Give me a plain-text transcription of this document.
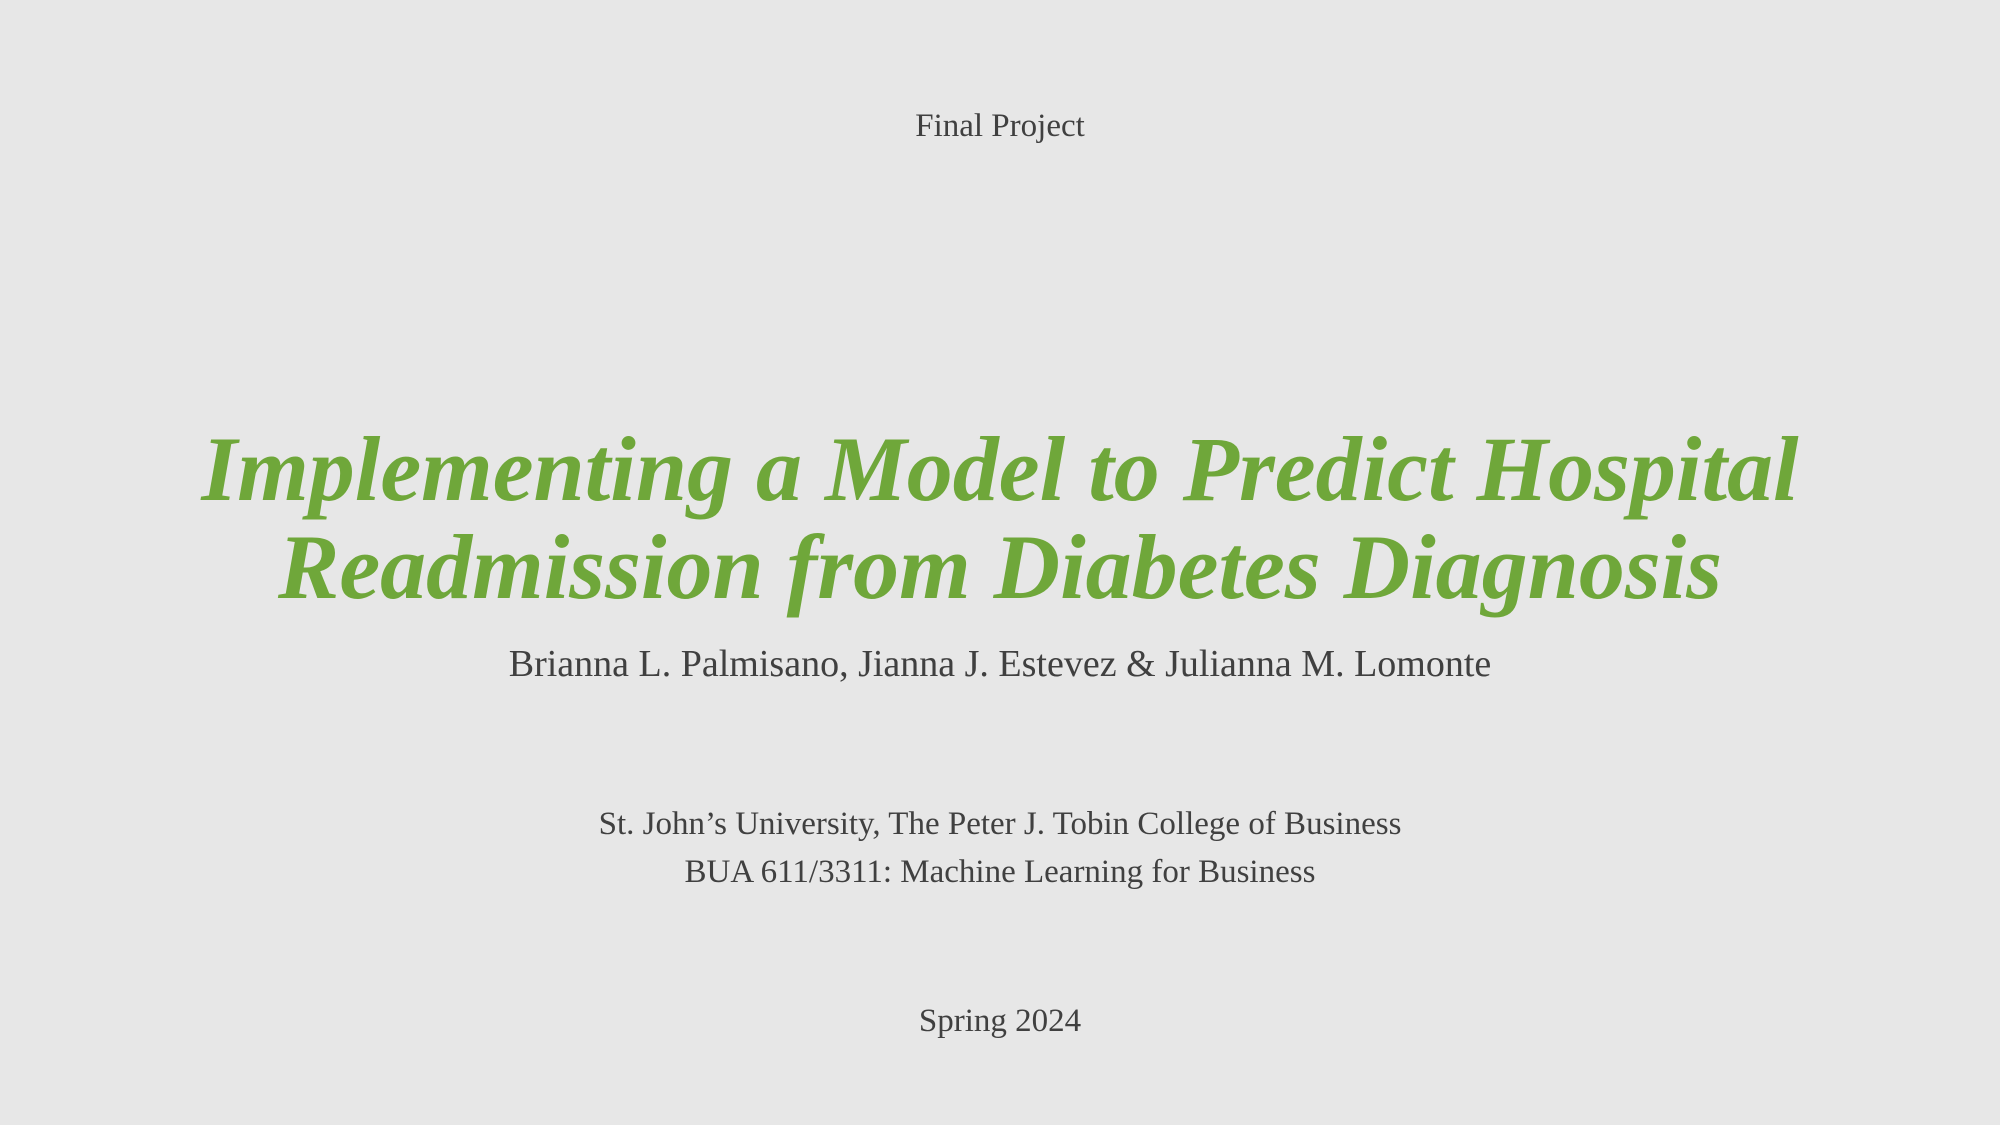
Final Project
Implementing a Model to Predict Hospital
Readmission from Diabetes Diagnosis
Brianna L. Palmisano, Jianna J. Estevez & Julianna M. Lomonte
St. John’s University, The Peter J. Tobin College of Business
BUA 611/3311: Machine Learning for Business
Spring 2024
